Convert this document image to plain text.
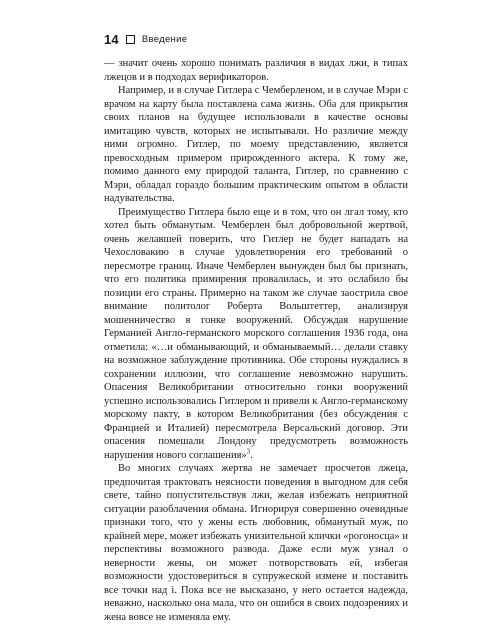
14 Введение

— значит очень хорошо понимать различия в видах лжи, в типах лжецов и в подходах верификаторов.

Например, и в случае Гитлера с Чемберленом, и в случае Мэри с врачом на карту была поставлена сама жизнь. Оба для прикрытия своих планов на будущее использовали в качестве основы имитацию чувств, которых не испытывали. Но различие между ними огромно. Гитлер, по моему представлению, является превосходным примером прирожденного актера. К тому же, помимо данного ему природой таланта, Гитлер, по сравнению с Мэри, обладал гораздо большим практическим опытом в области надувательства.

Преимущество Гитлера было еще и в том, что он лгал тому, кто хотел быть обманутым. Чемберлен был добровольной жертвой, очень желавшей поверить, что Гитлер не будет нападать на Чехословакию в случае удовлетворения его требований о пересмотре границ. Иначе Чемберлен вынужден был бы признать, что его политика примирения провалилась, и это ослабило бы позиции его страны. Примерно на таком же случае заострила свое внимание политолог Роберта Вольштеттер, анализируя мошенничество в гонке вооружений. Обсуждая нарушение Германией Англо-германского морского соглашения 1936 года, она отметила: «…и обманывающий, и обманываемый… делали ставку на возможное заблуждение противника. Обе стороны нуждались в сохранении иллюзии, что соглашение невозможно нарушить. Опасения Великобритании относительно гонки вооружений успешно использовались Гитлером и привели к Англо-германскому морскому пакту, в котором Великобритания (без обсуждения с Францией и Италией) пересмотрела Версальский договор. Эти опасения помешали Лондону предусмотреть возможность нарушения нового соглашения»$^3$.

Во многих случаях жертва не замечает просчетов лжеца, предпочитая трактовать неясности поведения в выгодном для себя свете, тайно попустительствуя лжи, желая избежать неприятной ситуации разоблачения обмана. Игнорируя совершенно очевидные признаки того, что у жены есть любовник, обманутый муж, по крайней мере, может избежать унизительной клички «рогоносца» и перспективы возможного развода. Даже если муж узнал о неверности жены, он может потворствовать ей, избегая возможности удостовериться в супружеской измене и поставить все точки над i. Пока все не высказано, у него остается надежда, неважно, насколько она мала, что он ошибся в своих подозрениях и жена вовсе не изменяла ему.
